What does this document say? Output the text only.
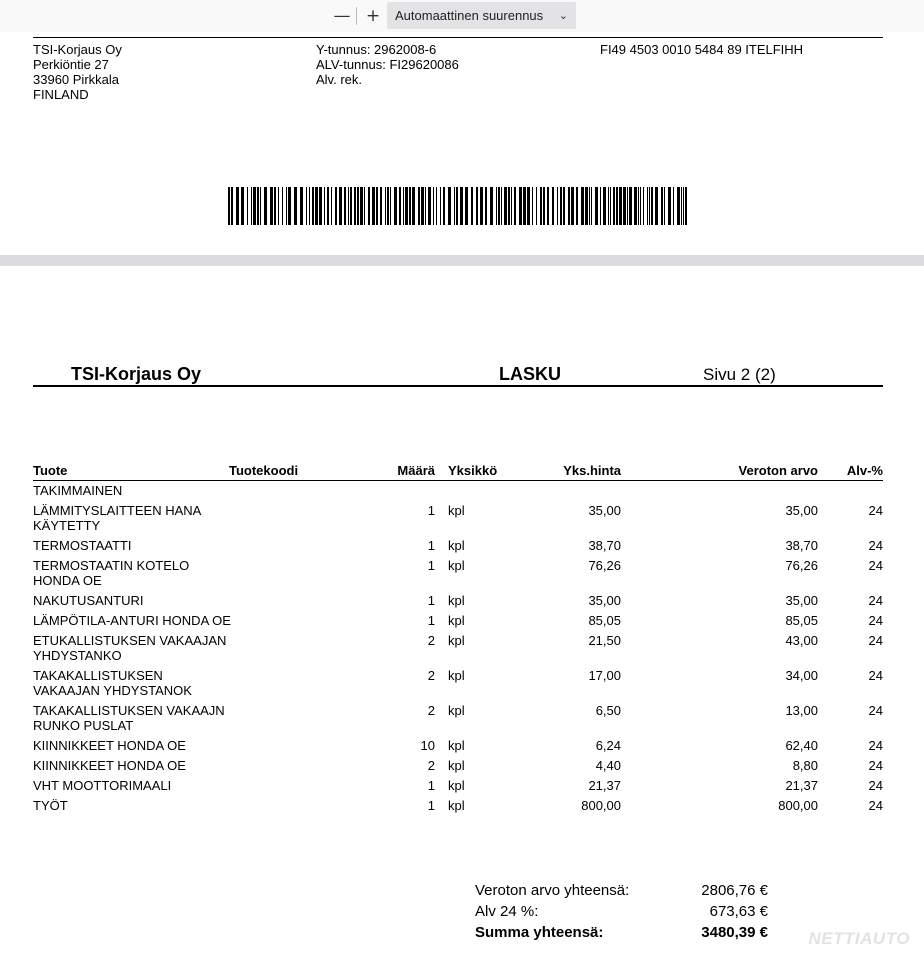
— +	Automaattinen suurennus ⌄
TSI-Korjaus Oy
Perkiöntie 27
33960 Pirkkala
FINLAND
Y-tunnus: 2962008-6
ALV-tunnus: FI29620086
Alv. rek.
FI49 4503 0010 5484 89 ITELFIHH
TSI-Korjaus Oy	LASKU	Sivu 2 (2)
Tuote	Tuotekoodi	Määrä Yksikkö	Yks.hinta	Veroton arvo	Alv-%
TAKIMMAINEN
LÄMMITYSLAITTEEN HANA KÄYTETTY
1 kpl	35,00	35,00	24
TERMOSTAATTI	1 kpl	38,70	38,70	24
TERMOSTAATIN KOTELO HONDA OE
1 kpl	76,26	76,26	24
NAKUTUSANTURI	1 kpl	35,00	35,00	24
LÄMPÖTILA-ANTURI HONDA OE	1 kpl	85,05	85,05	24
ETUKALLISTUKSEN VAKAAJAN YHDYSTANKO
2 kpl	21,50	43,00	24
TAKAKALLISTUKSEN VAKAAJAN YHDYSTANOK
2 kpl	17,00	34,00	24
TAKAKALLISTUKSEN VAKAAJN RUNKO PUSLAT
2 kpl	6,50	13,00	24
KIINNIKKEET HONDA OE	10 kpl	6,24	62,40	24
KIINNIKKEET HONDA OE	2 kpl	4,40	8,80	24
VHT MOOTTORIMAALI	1 kpl	21,37	21,37	24
TYÖT	1 kpl	800,00	800,00	24
Veroton arvo yhteensä:	2806,76 €
Alv 24 %:	673,63 €
Summa yhteensä:	3480,39 € NETTIAUTO
